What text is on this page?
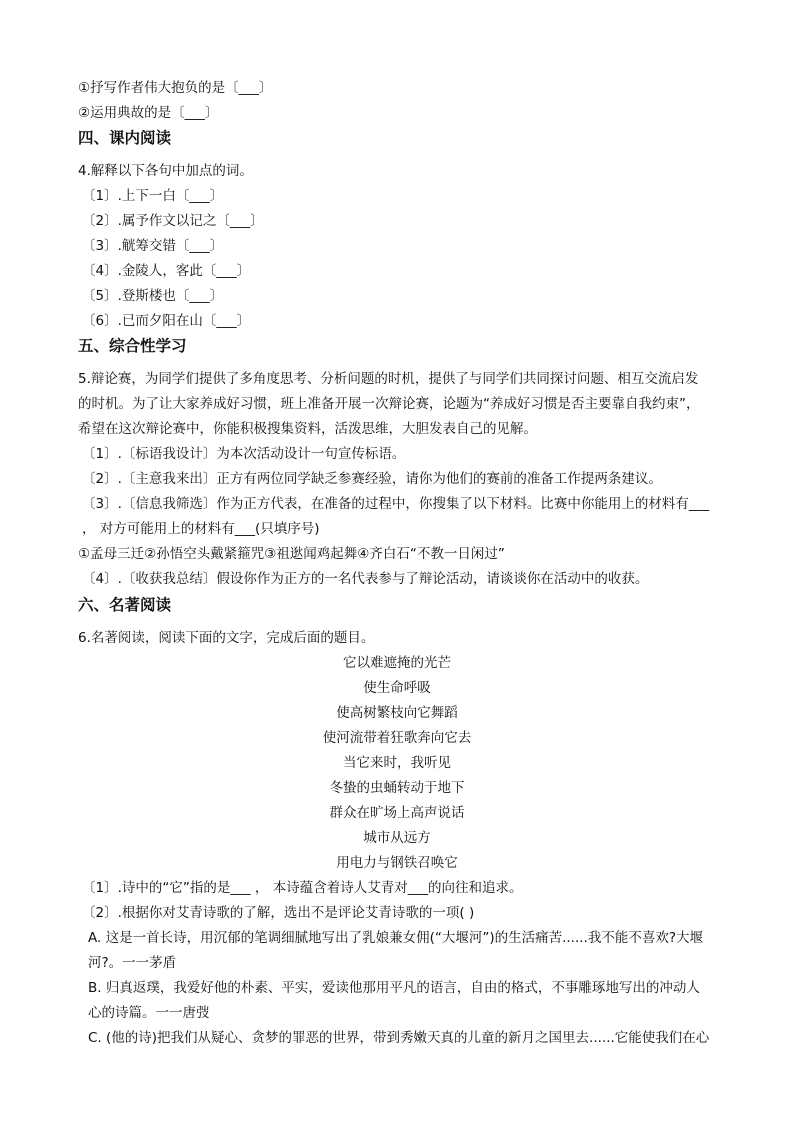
①抒写作者伟大抱负的是〔___〕
②运用典故的是〔___〕
四、课内阅读
4.解释以下各句中加点的词。
〔1〕.上下一白〔___〕
〔2〕.属予作文以记之〔___〕
〔3〕.觥筹交错〔___〕
〔4〕.金陵人，客此〔___〕
〔5〕.登斯楼也〔___〕
〔6〕.已而夕阳在山〔___〕
五、综合性学习
5.辩论赛，为同学们提供了多角度思考、分析问题的时机，提供了与同学们共同探讨问题、相互交流启发
的时机。为了让大家养成好习惯，班上准备开展一次辩论赛，论题为“养成好习惯是否主要靠自我约束”，
希望在这次辩论赛中，你能积极搜集资料，活泼思维，大胆发表自己的见解。
〔1〕.〔标语我设计〕为本次活动设计一句宣传标语。
〔2〕.〔主意我来出〕正方有两位同学缺乏参赛经验，请你为他们的赛前的准备工作提两条建议。
〔3〕.〔信息我筛选〕作为正方代表，在准备的过程中，你搜集了以下材料。比赛中你能用上的材料有___
， 对方可能用上的材料有___(只填序号)
①孟母三迁②孙悟空头戴紧箍咒③祖逖闻鸡起舞④齐白石“不教一日闲过”
〔4〕.〔收获我总结〕假设你作为正方的一名代表参与了辩论活动，请谈谈你在活动中的收获。
六、名著阅读
6.名著阅读，阅读下面的文字，完成后面的题目。
它以难遮掩的光芒
使生命呼吸
使高树繁枝向它舞蹈
使河流带着狂歌奔向它去
当它来时，我听见
冬蛰的虫蛹转动于地下
群众在旷场上高声说话
城市从远方
用电力与钢铁召唤它
〔1〕.诗中的“它”指的是___ ， 本诗蕴含着诗人艾青对___的向往和追求。
〔2〕.根据你对艾青诗歌的了解，选出不是评论艾青诗歌的一项( )
A. 这是一首长诗，用沉郁的笔调细腻地写出了乳娘兼女佣(“大堰河”)的生活痛苦......我不能不喜欢?大堰
河?。一一茅盾
B. 归真返璞，我爱好他的朴素、平实，爱读他那用平凡的语言，自由的格式，不事雕琢地写出的冲动人
心的诗篇。一一唐弢
C. (他的诗)把我们从疑心、贪梦的罪恶的世界，带到秀嫩天真的儿童的新月之国里去......它能使我们在心
